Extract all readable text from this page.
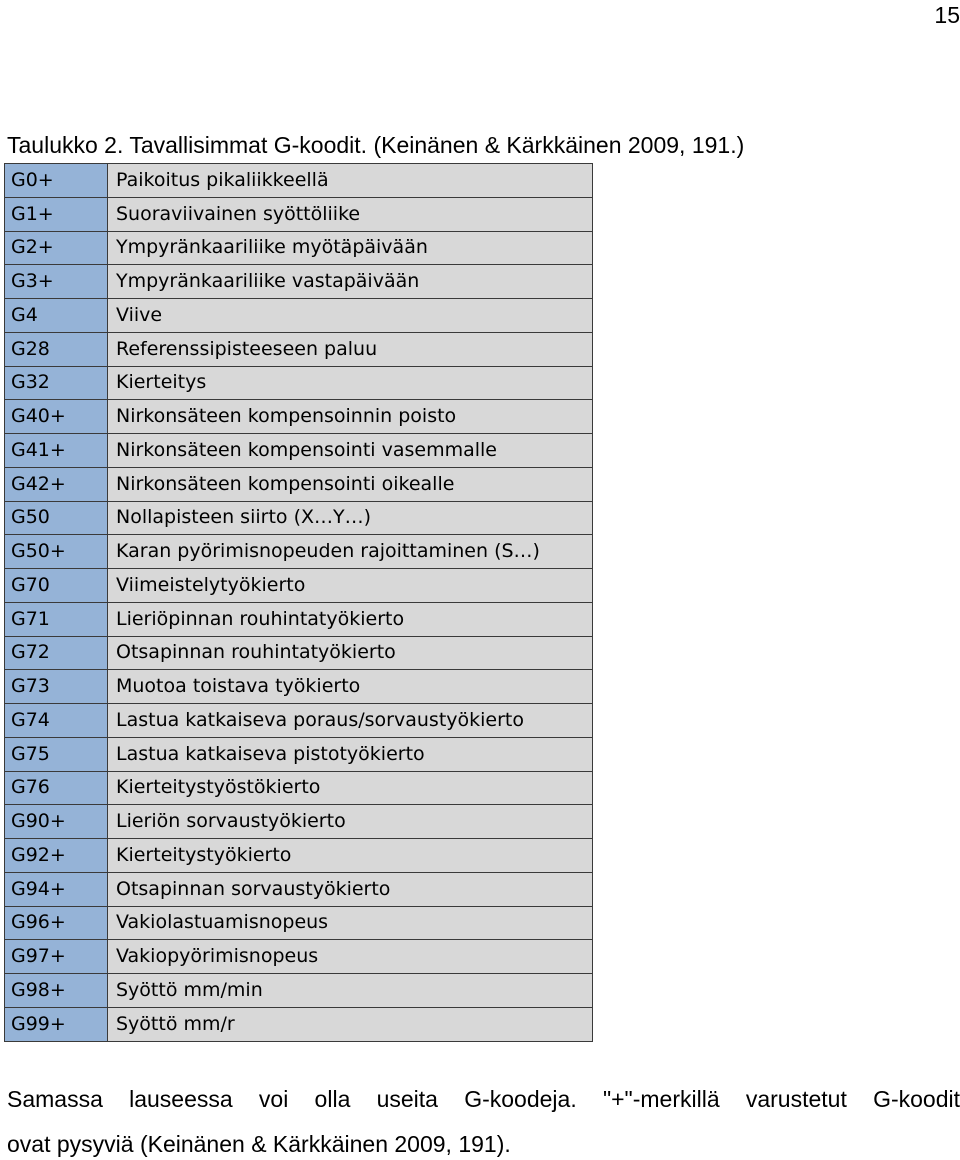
15
Taulukko 2. Tavallisimmat G-koodit. (Keinänen & Kärkkäinen 2009, 191.)
G0+	Paikoitus pikaliikkeellä
G1+	Suoraviivainen syöttöliike
G2+	Ympyränkaariliike myötäpäivään
G3+	Ympyränkaariliike vastapäivään
G4	Viive
G28	Referenssipisteeseen paluu
G32	Kierteitys
G40+	Nirkonsäteen kompensoinnin poisto
G41+	Nirkonsäteen kompensointi vasemmalle
G42+	Nirkonsäteen kompensointi oikealle
G50	Nollapisteen siirto (X…Y…)
G50+	Karan pyörimisnopeuden rajoittaminen (S…)
G70	Viimeistelytyökierto
G71	Lieriöpinnan rouhintatyökierto
G72	Otsapinnan rouhintatyökierto
G73	Muotoa toistava työkierto
G74	Lastua katkaiseva poraus/sorvaustyökierto
G75	Lastua katkaiseva pistotyökierto
G76	Kierteitystyöstökierto
G90+	Lieriön sorvaustyökierto
G92+	Kierteitystyökierto
G94+	Otsapinnan sorvaustyökierto
G96+	Vakiolastuamisnopeus
G97+	Vakiopyörimisnopeus
G98+	Syöttö mm/min
G99+	Syöttö mm/r
Samassa lauseessa voi olla useita G-koodeja. "+"-merkillä varustetut G-koodit
ovat pysyviä (Keinänen & Kärkkäinen 2009, 191).
